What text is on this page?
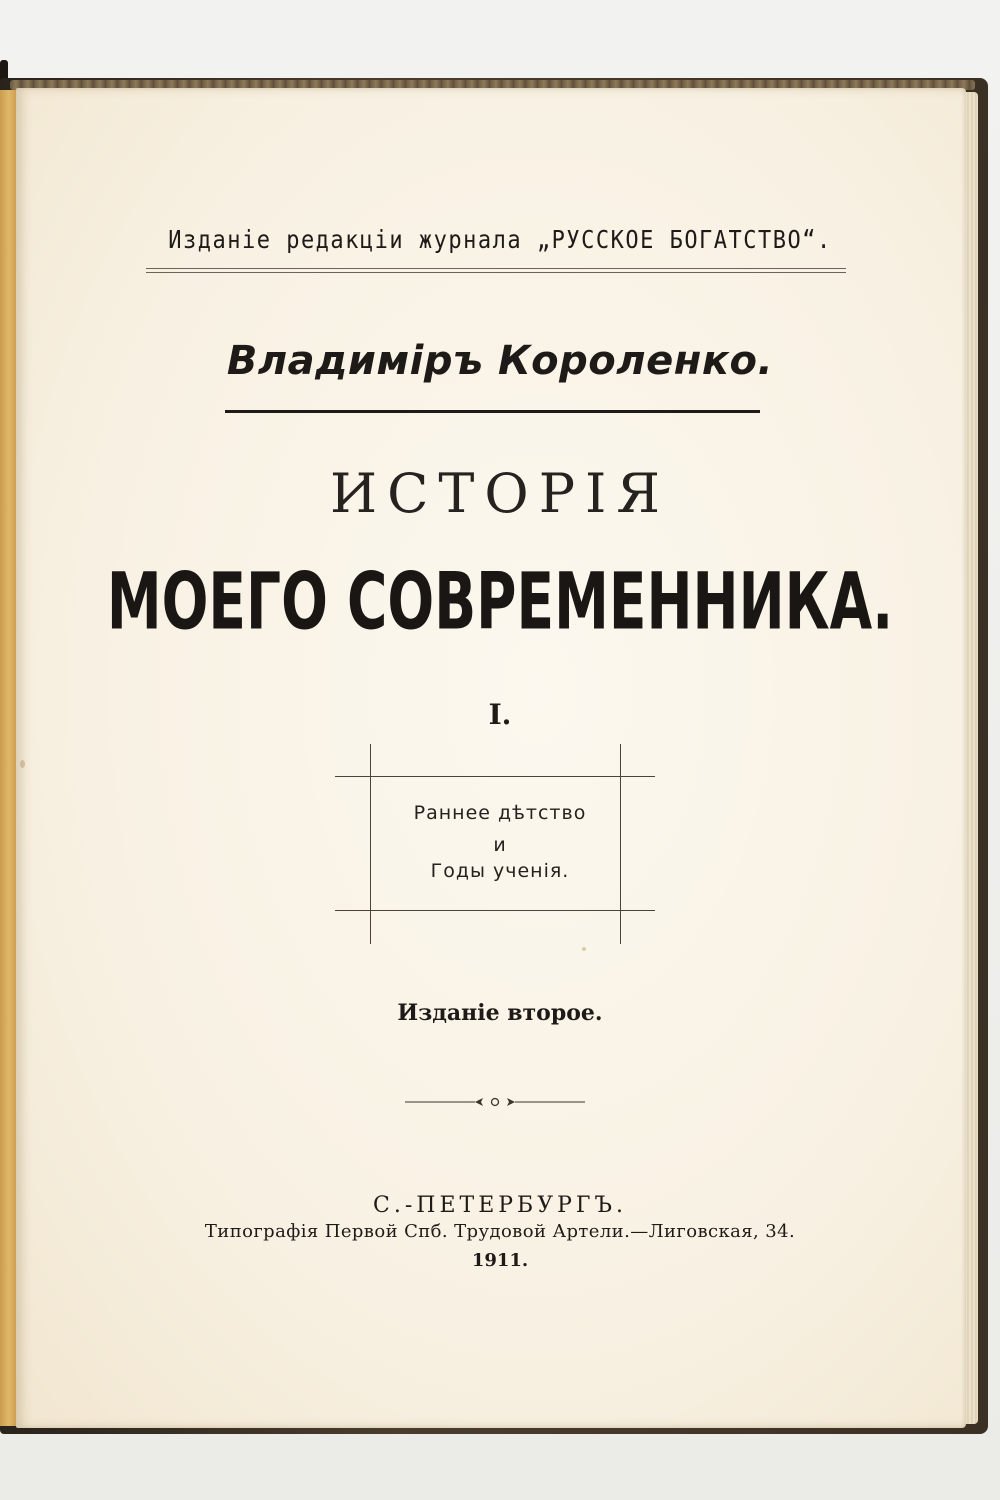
Изданіе редакціи журнала „РУССКОЕ БОГАТСТВО“.
Владиміръ Короленко.
ИСТОРІЯ
МОЕГО СОВРЕМЕННИКА.
I.
Раннее дѣтство
и
Годы ученія.
Изданіе второе.
С.-ПЕТЕРБУРГЪ.
Типографія Первой Спб. Трудовой Артели.—Лиговская, 34.
1911.
